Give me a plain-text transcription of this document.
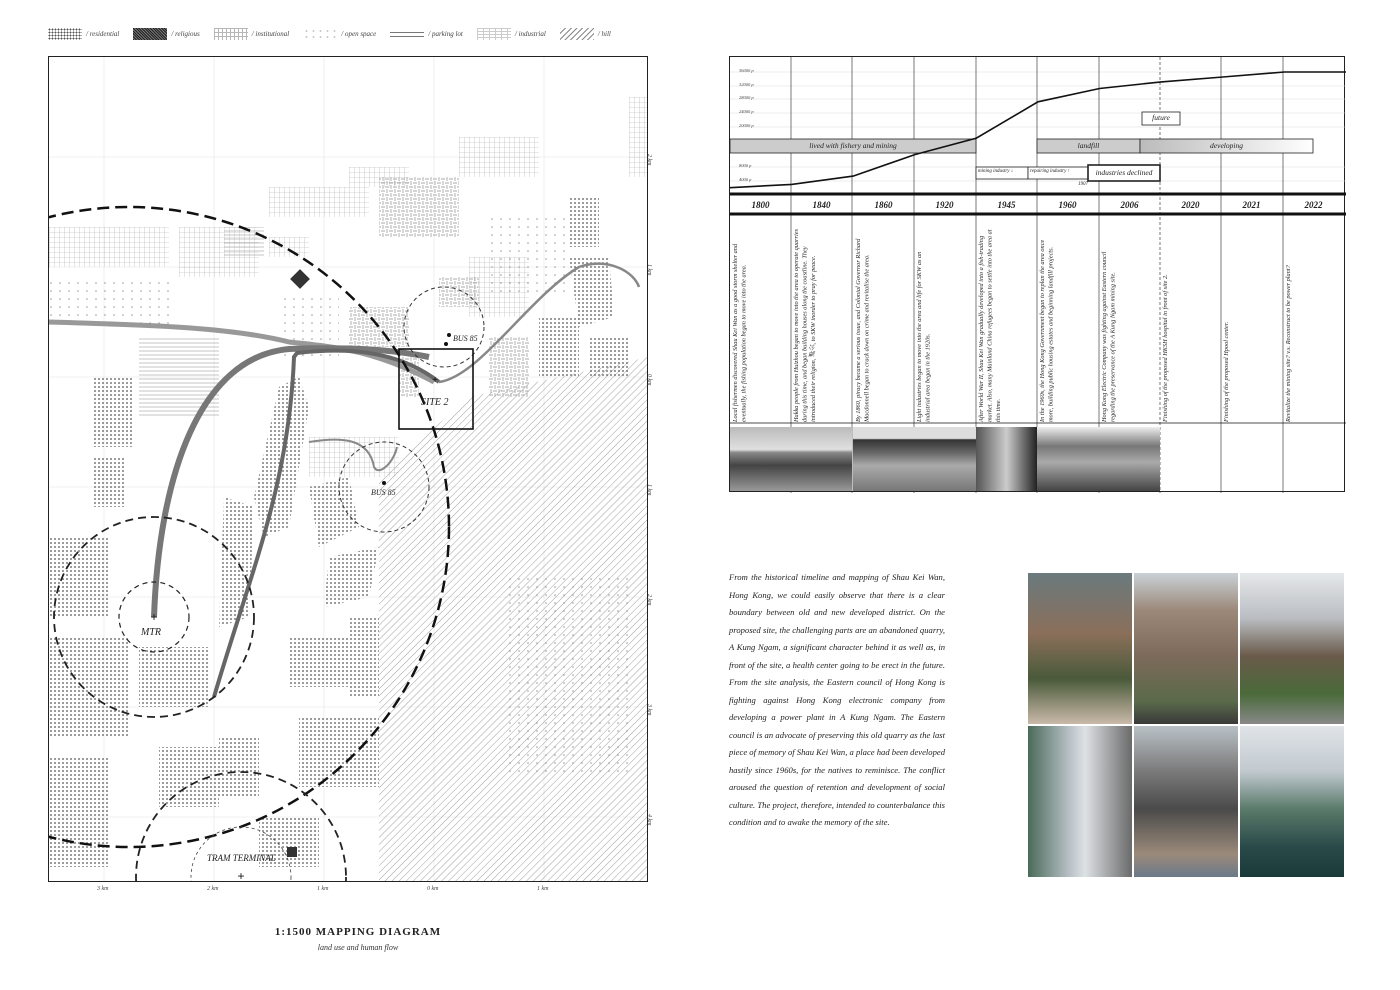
/ residential	/ religious	/ institutional	/ open space	/ parking lot	/ industrial	/ hill
+
+
+
BUS 85
SITE 2
BUS 85
MTR
TRAM TERMINAL
3 km	2 km	1 km	0 km	1 km
2 km
1 km
0 km
1 km
2 km
3 km
4 km
1:1500 MAPPING DIAGRAM
land use and human flow
36000 p
32000 p
28000 p
24000 p
20000 p
8000 p
4000 p
lived with fishery and mining	landfill	developing
future
mining industry ↓	repairing industry ↑	industries declined
1907
1800	1840	1860	1920	1945	1960	2006	2020	2021	2022
Local fishermen discovered Shau Kei Wan as a good storm shelter and eventually, the fishing population began to move into the area.	Hakka people from Huizhou began to move into the area to operate quarries during this time, and began building houses along the coastline. They introduced their religion, 譚公, to SKW inorder to pray for peace.	By 1860, piracy became a serious issue, and Colonial Governor Richard Macdonnell began to crack down on crime and revitalise the area.	Light industries began to move into the area and life for SKW as an industrial area began in the 1920s.	After World War II, Shau Kei Wan gradually developed into a fish-trading market. Also, many Mainland China refugees began to settle into the area at this time.	In the 1960s, the Hong Kong Government began to replan the area once more, building public housing estates and beginning landfill projects.	Hong Kong Electric Company was fighting against Eastern council regarding the preservance of the A Kung Ngam mining site.	Finishing of the proposed HKSH hospital in front of site 2.	Finishing of the proposed Hpool center.	Revitalize the mining site? v.s. Reconstruct to be power plant?
From the historical timeline and mapping of Shau Kei Wan, Hong Kong, we could easily observe that there is a clear boundary between old and new developed district. On the proposed site, the challenging parts are an abandoned quarry, A Kung Ngam, a significant character behind it as well as, in front of the site, a health center going to be erect in the future. From the site analysis, the Eastern council of Hong Kong is fighting against Hong Kong electronic company from developing a power plant in A Kung Ngam. The Eastern council is an advocate of preserving this old quarry as the last piece of memory of Shau Kei Wan, a place had been developed hastily since 1960s, for the natives to reminisce. The conflict aroused the question of retention and development of social culture. The project, therefore, intended to counterbalance this condition and to awake the memory of the site.
